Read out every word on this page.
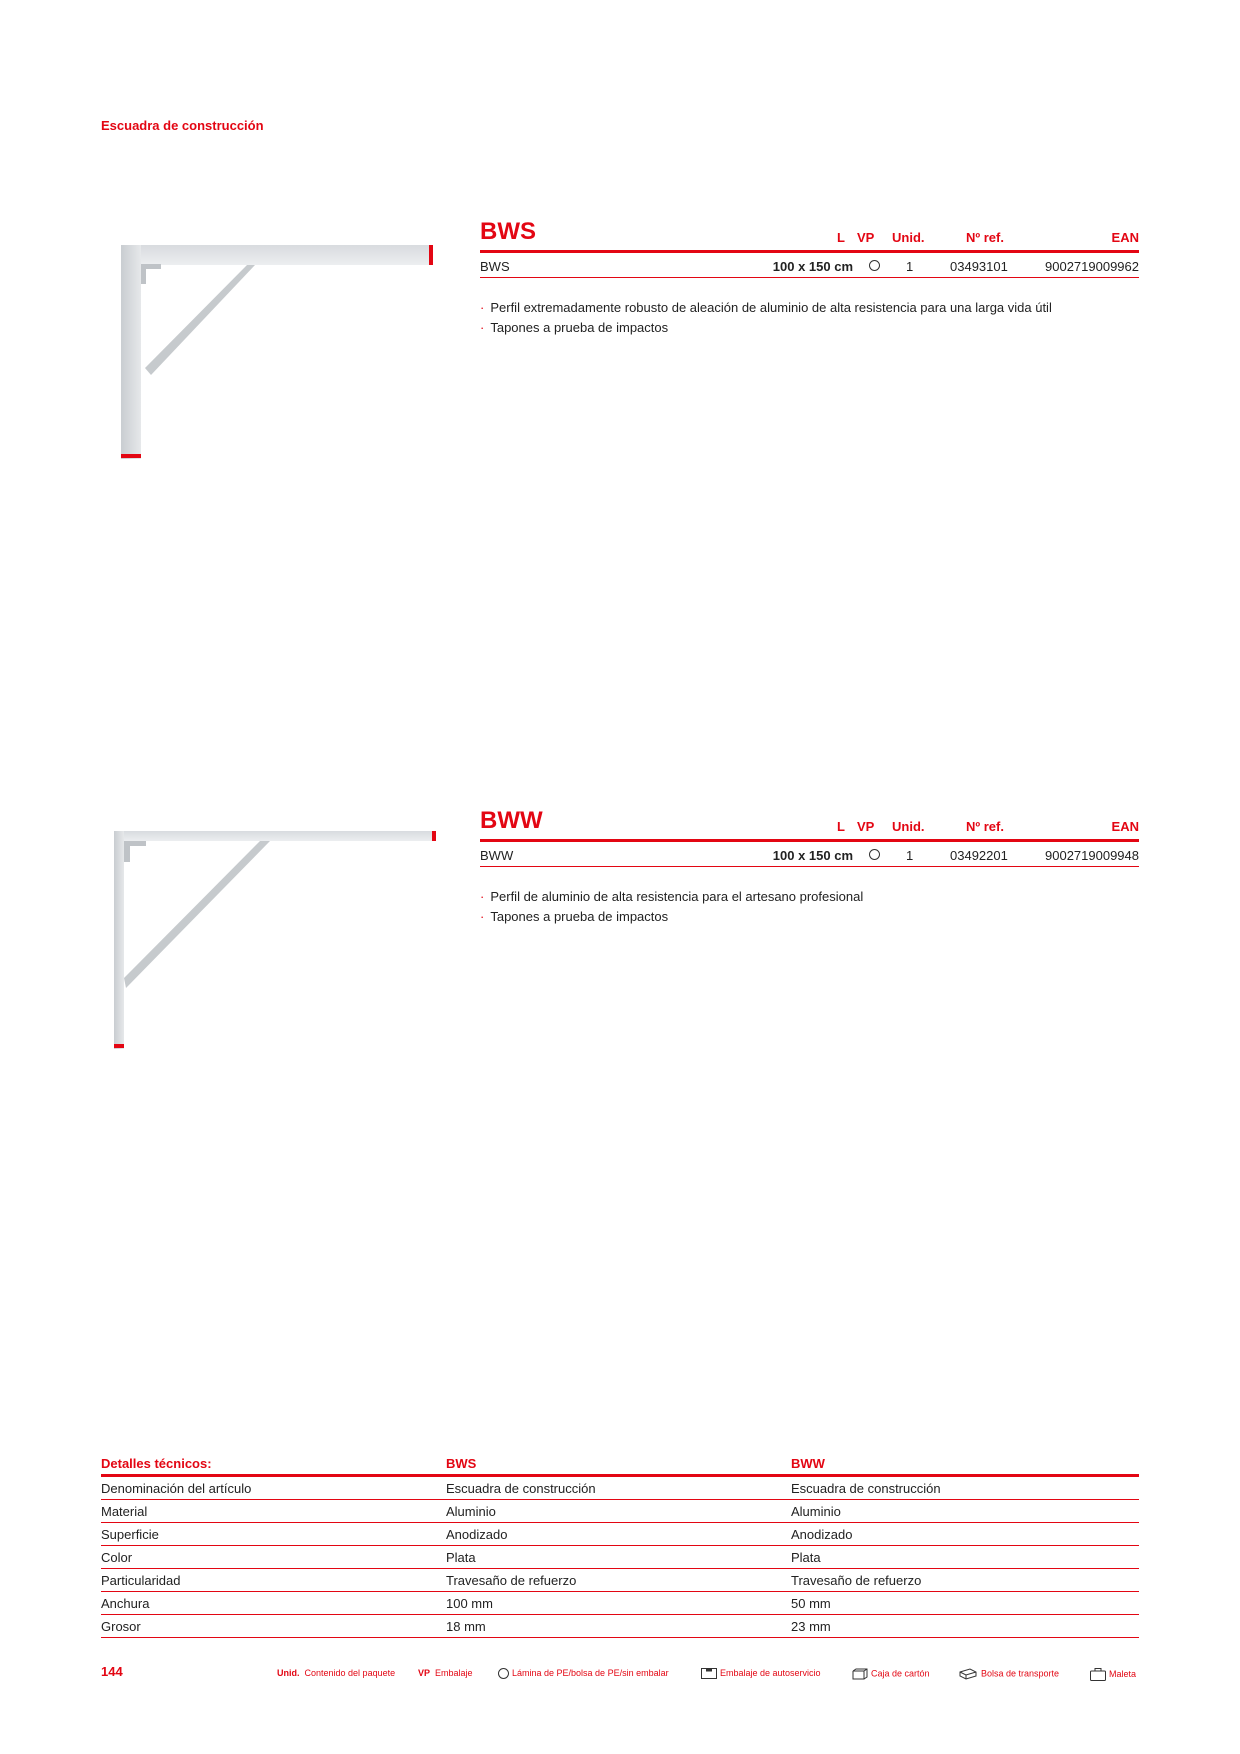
Escuadra de construcción
BWS	L VP Unid.	Nº ref.	EAN
BWS	100 x 150 cm	1	03493101	9002719009962
· Perfil extremadamente robusto de aleación de aluminio de alta resistencia para una larga vida útil
· Tapones a prueba de impactos
BWW	L VP Unid.	Nº ref.	EAN
BWW	100 x 150 cm	1	03492201	9002719009948
· Perfil de aluminio de alta resistencia para el artesano profesional
· Tapones a prueba de impactos
Detalles técnicos:	BWS	BWW
Denominación del artículo	Escuadra de construcción	Escuadra de construcción
Material	Aluminio	Aluminio
Superficie	Anodizado	Anodizado
Color	Plata	Plata
Particularidad	Travesaño de refuerzo	Travesaño de refuerzo
Anchura	100 mm	50 mm
Grosor	18 mm	23 mm
144	Unid. Contenido del paquete	VP Embalaje	Lámina de PE/bolsa de PE/sin embalar	Embalaje de autoservicio	Caja de cartón	Bolsa de transporte	Maleta
